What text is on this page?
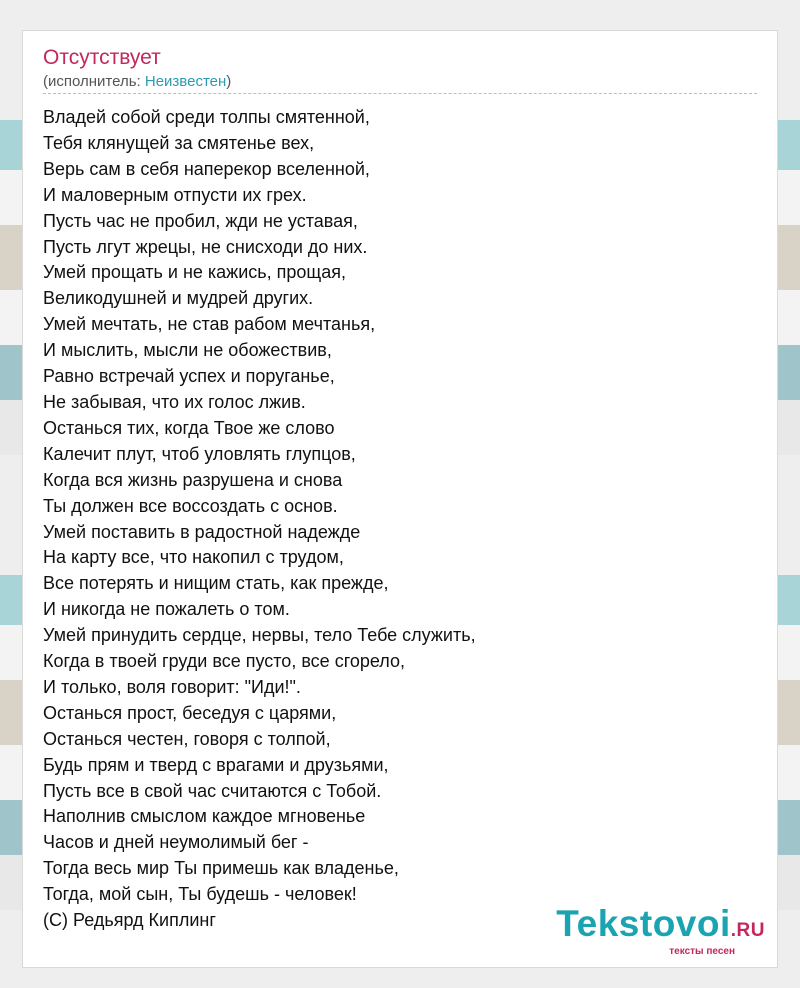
Отсутствует
(исполнитель: Неизвестен)
Владей собой среди толпы смятенной,
Тебя клянущей за смятенье вех,
Верь сам в себя наперекор вселенной,
И маловерным отпусти их грех.
Пусть час не пробил, жди не уставая,
Пусть лгут жрецы, не снисходи до них.
Умей прощать и не кажись, прощая,
Великодушней и мудрей других.
Умей мечтать, не став рабом мечтанья,
И мыслить, мысли не обожествив,
Равно встречай успех и поруганье,
Не забывая, что их голос лжив.
Останься тих, когда Твое же слово
Калечит плут, чтоб уловлять глупцов,
Когда вся жизнь разрушена и снова
Ты должен все воссоздать с основ.
Умей поставить в радостной надежде
На карту все, что накопил с трудом,
Все потерять и нищим стать, как прежде,
И никогда не пожалеть о том.
Умей принудить сердце, нервы, тело Тебе служить,
Когда в твоей груди все пусто, все сгорело,
И только, воля говорит: "Иди!".
Останься прост, беседуя с царями,
Останься честен, говоря с толпой,
Будь прям и тверд с врагами и друзьями,
Пусть все в свой час считаются с Тобой.
Наполнив смыслом каждое мгновенье
Часов и дней неумолимый бег -
Тогда весь мир Ты примешь как владенье,
Тогда, мой сын, Ты будешь - человек!
(С) Редьярд Киплинг	Tekstovoi.RU
тексты песен
